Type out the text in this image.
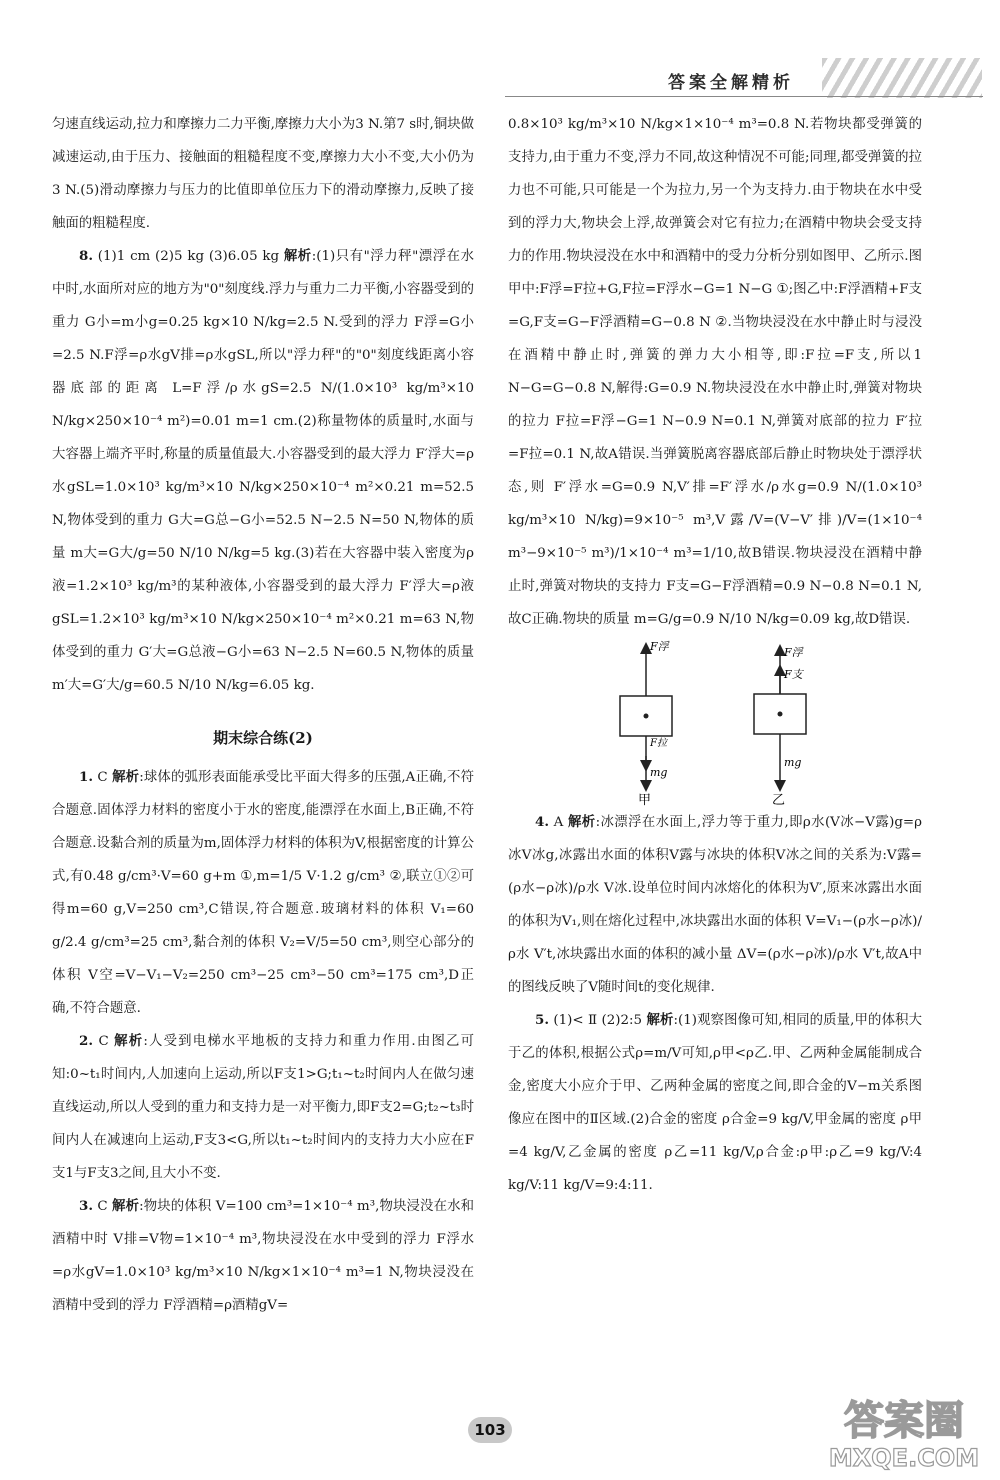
答案全解精析

匀速直线运动,拉力和摩擦力二力平衡,摩擦力大小为3 N.第7 s时,铜块做减速运动,由于压力、接触面的粗糙程度不变,摩擦力大小不变,大小仍为3 N.(5)滑动摩擦力与压力的比值即单位压力下的滑动摩擦力,反映了接触面的粗糙程度.

8. (1)1 cm (2)5 kg (3)6.05 kg 解析:(1)只有"浮力秤"漂浮在水中时,水面所对应的地方为"0"刻度线.浮力与重力二力平衡,小容器受到的重力 G小=m小g=0.25 kg×10 N/kg=2.5 N.受到的浮力 F浮=G小=2.5 N.F浮=ρ水gV排=ρ水gSL,所以"浮力秤"的"0"刻度线距离小容器底部的距离 L=F浮/ρ水gS=2.5 N/(1.0×10³ kg/m³×10 N/kg×250×10⁻⁴ m²)=0.01 m=1 cm.(2)称量物体的质量时,水面与大容器上端齐平时,称量的质量值最大.小容器受到的最大浮力 F′浮大=ρ水gSL=1.0×10³ kg/m³×10 N/kg×250×10⁻⁴ m²×0.21 m=52.5 N,物体受到的重力 G大=G总−G小=52.5 N−2.5 N=50 N,物体的质量 m大=G大/g=50 N/10 N/kg=5 kg.(3)若在大容器中装入密度为ρ液=1.2×10³ kg/m³的某种液体,小容器受到的最大浮力 F′浮大=ρ液gSL=1.2×10³ kg/m³×10 N/kg×250×10⁻⁴ m²×0.21 m=63 N,物体受到的重力 G′大=G总液−G小=63 N−2.5 N=60.5 N,物体的质量 m′大=G′大/g=60.5 N/10 N/kg=6.05 kg.

期末综合练(2)

1. C 解析:球体的弧形表面能承受比平面大得多的压强,A正确,不符合题意.固体浮力材料的密度小于水的密度,能漂浮在水面上,B正确,不符合题意.设黏合剂的质量为m,固体浮力材料的体积为V,根据密度的计算公式,有0.48 g/cm³·V=60 g+m ①,m=1/5 V·1.2 g/cm³ ②,联立①②可得m=60 g,V=250 cm³,C错误,符合题意.玻璃材料的体积 V₁=60 g/2.4 g/cm³=25 cm³,黏合剂的体积 V₂=V/5=50 cm³,则空心部分的体积 V空=V−V₁−V₂=250 cm³−25 cm³−50 cm³=175 cm³,D正确,不符合题意.

2. C 解析:人受到电梯水平地板的支持力和重力作用.由图乙可知:0~t₁时间内,人加速向上运动,所以F支1>G;t₁~t₂时间内人在做匀速直线运动,所以人受到的重力和支持力是一对平衡力,即F支2=G;t₂~t₃时间内人在减速向上运动,F支3<G,所以t₁~t₂时间内的支持力大小应在F支1与F支3之间,且大小不变.

3. C 解析:物块的体积 V=100 cm³=1×10⁻⁴ m³,物块浸没在水和酒精中时 V排=V物=1×10⁻⁴ m³,物块浸没在水中受到的浮力 F浮水=ρ水gV=1.0×10³ kg/m³×10 N/kg×1×10⁻⁴ m³=1 N,物块浸没在酒精中受到的浮力 F浮酒精=ρ酒精gV=

0.8×10³ kg/m³×10 N/kg×1×10⁻⁴ m³=0.8 N.若物块都受弹簧的支持力,由于重力不变,浮力不同,故这种情况不可能;同理,都受弹簧的拉力也不可能,只可能是一个为拉力,另一个为支持力.由于物块在水中受到的浮力大,物块会上浮,故弹簧会对它有拉力;在酒精中物块会受支持力的作用.物块浸没在水中和酒精中的受力分析分别如图甲、乙所示.图甲中:F浮=F拉+G,F拉=F浮水−G=1 N−G ①;图乙中:F浮酒精+F支=G,F支=G−F浮酒精=G−0.8 N ②.当物块浸没在水中静止时与浸没在酒精中静止时,弹簧的弹力大小相等,即:F拉=F支,所以1 N−G=G−0.8 N,解得:G=0.9 N.物块浸没在水中静止时,弹簧对物块的拉力 F拉=F浮−G=1 N−0.9 N=0.1 N,弹簧对底部的拉力 F′拉=F拉=0.1 N,故A错误.当弹簧脱离容器底部后静止时物块处于漂浮状态,则 F′浮水=G=0.9 N,V′排=F′浮水/ρ水g=0.9 N/(1.0×10³ kg/m³×10 N/kg)=9×10⁻⁵ m³,V露/V=(V−V′排)/V=(1×10⁻⁴ m³−9×10⁻⁵ m³)/1×10⁻⁴ m³=1/10,故B错误.物块浸没在酒精中静止时,弹簧对物块的支持力 F支=G−F浮酒精=0.9 N−0.8 N=0.1 N,故C正确.物块的质量 m=G/g=0.9 N/10 N/kg=0.09 kg,故D错误.

F浮
F拉
mg
甲
F浮
F支
mg
乙

4. A 解析:冰漂浮在水面上,浮力等于重力,即ρ水(V冰−V露)g=ρ冰V冰g,冰露出水面的体积V露与冰块的体积V冰之间的关系为:V露=(ρ水−ρ冰)/ρ水 V冰.设单位时间内冰熔化的体积为V′,原来冰露出水面的体积为V₁,则在熔化过程中,冰块露出水面的体积 V=V₁−(ρ水−ρ冰)/ρ水 V′t,冰块露出水面的体积的减小量 ΔV=(ρ水−ρ冰)/ρ水 V′t,故A中的图线反映了V随时间t的变化规律.

5. (1)< Ⅱ (2)2:5 解析:(1)观察图像可知,相同的质量,甲的体积大于乙的体积,根据公式ρ=m/V可知,ρ甲<ρ乙.甲、乙两种金属能制成合金,密度大小应介于甲、乙两种金属的密度之间,即合金的V−m关系图像应在图中的Ⅱ区域.(2)合金的密度 ρ合金=9 kg/V,甲金属的密度 ρ甲=4 kg/V,乙金属的密度 ρ乙=11 kg/V,ρ合金:ρ甲:ρ乙=9 kg/V:4 kg/V:11 kg/V=9:4:11.

103	答案圈
MXQE.COM
